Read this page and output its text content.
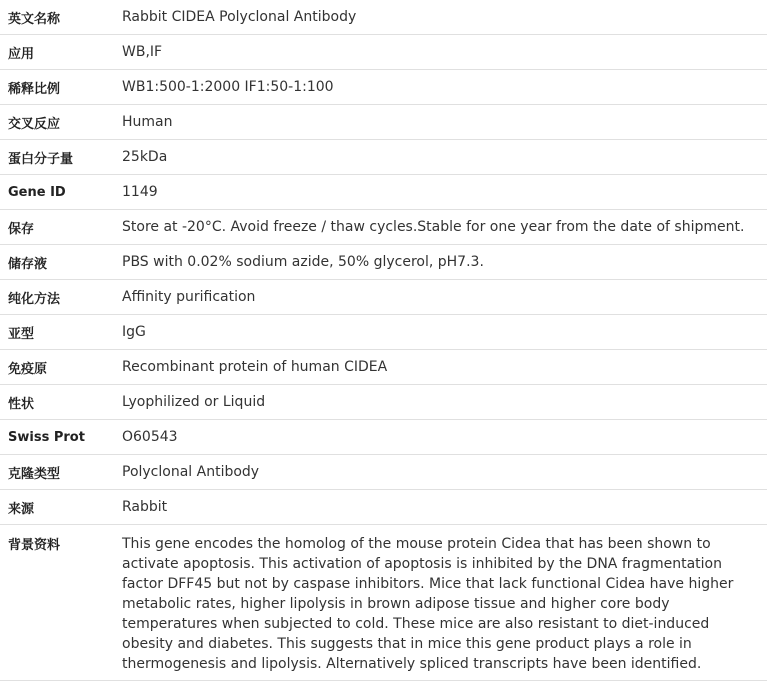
英文名称	Rabbit CIDEA Polyclonal Antibody
应用	WB,IF
稀释比例	WB1:500-1:2000 IF1:50-1:100
交叉反应	Human
蛋白分子量	25kDa
Gene ID	1149
保存	Store at -20°C. Avoid freeze / thaw cycles.Stable for one year from the date of shipment.
储存液	PBS with 0.02% sodium azide, 50% glycerol, pH7.3.
纯化方法	Affinity purification
亚型	IgG
免疫原	Recombinant protein of human CIDEA
性状	Lyophilized or Liquid
Swiss Prot	O60543
克隆类型	Polyclonal Antibody
来源	Rabbit
背景资料	This gene encodes the homolog of the mouse protein Cidea that has been shown to activate apoptosis. This activation of apoptosis is inhibited by the DNA fragmentation factor DFF45 but not by caspase inhibitors. Mice that lack functional Cidea have higher metabolic rates, higher lipolysis in brown adipose tissue and higher core body temperatures when subjected to cold. These mice are also resistant to diet-induced obesity and diabetes. This suggests that in mice this gene product plays a role in thermogenesis and lipolysis. Alternatively spliced transcripts have been identified.
